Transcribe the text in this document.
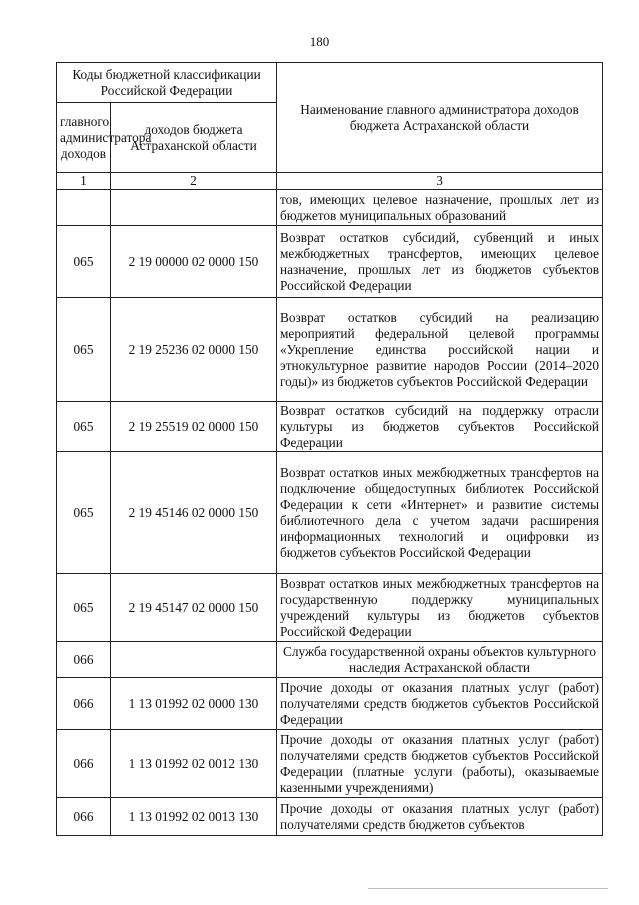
180
Коды бюджетной классификации Российской Федерации		Наименование главного администратора доходов бюджета Астраханской области
главного администратора доходов	доходов бюджета Астраханской области	
1	2	3
		тов, имеющих целевое назначение, прошлых лет из бюджетов муниципальных образований
065	2 19 00000 02 0000 150	Возврат остатков субсидий, субвенций и иных межбюджетных трансфертов, имеющих целевое назначение, прошлых лет из бюджетов субъектов Российской Федерации
065	2 19 25236 02 0000 150	Возврат остатков субсидий на реализацию мероприятий федеральной целевой программы «Укрепление единства российской нации и этнокультурное развитие народов России (2014–2020 годы)» из бюджетов субъектов Российской Федерации
065	2 19 25519 02 0000 150	Возврат остатков субсидий на поддержку отрасли культуры из бюджетов субъектов Российской Федерации
065	2 19 45146 02 0000 150	Возврат остатков иных межбюджетных трансфертов на подключение общедоступных библиотек Российской Федерации к сети «Интернет» и развитие системы библиотечного дела с учетом задачи расширения информационных технологий и оцифровки из бюджетов субъектов Российской Федерации
065	2 19 45147 02 0000 150	Возврат остатков иных межбюджетных трансфертов на государственную поддержку муниципальных учреждений культуры из бюджетов субъектов Российской Федерации
066		Служба государственной охраны объектов культурного наследия Астраханской области
066	1 13 01992 02 0000 130	Прочие доходы от оказания платных услуг (работ) получателями средств бюджетов субъектов Российской Федерации
066	1 13 01992 02 0012 130	Прочие доходы от оказания платных услуг (работ) получателями средств бюджетов субъектов Российской Федерации (платные услуги (работы), оказываемые казенными учреждениями)
066	1 13 01992 02 0013 130	Прочие доходы от оказания платных услуг (работ) получателями средств бюджетов субъектов
